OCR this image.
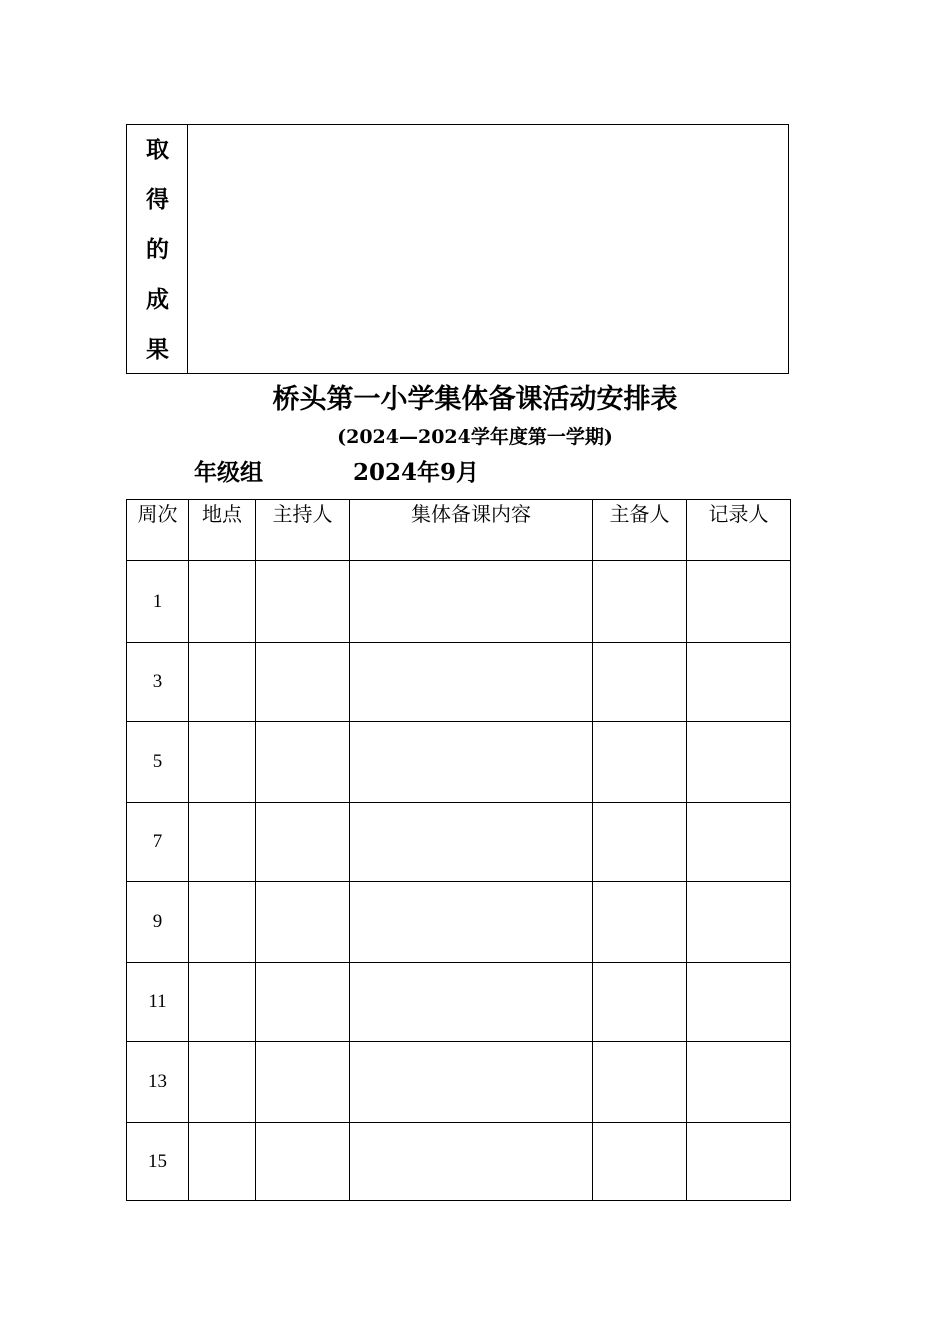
取
得
的
成
果
桥头第一小学集体备课活动安排表
(2024—2024学年度第一学期)
年级组	2024年9月
周次	地点	主持人	集体备课内容	主备人	记录人
1					
3					
5					
7					
9					
11					
13					
15					
